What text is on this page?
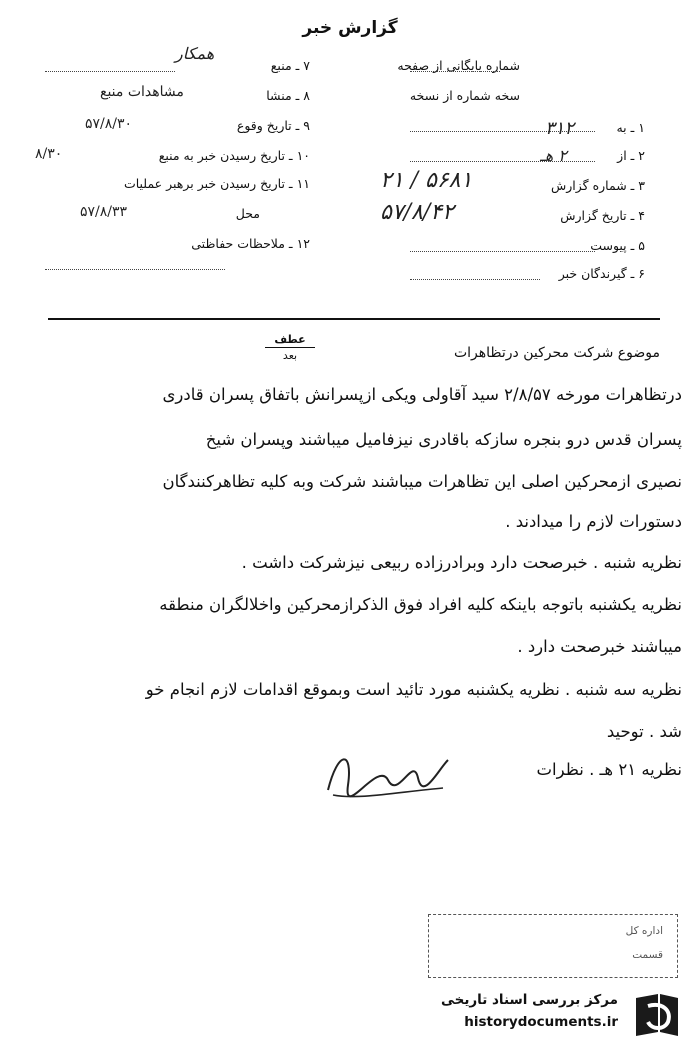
گزارش خبر
شماره بایگانی از صفحه
سخه شماره از نسخه
۱ ـ به
۲ ـ از
۳ ـ شماره گزارش
۴ ـ تاریخ گزارش
۵ ـ پیوست
۶ ـ گیرندگان خبر
۳۱۲
۲ هـ
۵۶۸۱ / ۲۱
۵۷/۸/۴۲
۷ ـ منبع
۸ ـ منشا
۹ ـ تاریخ وقوع
۱۰ ـ تاریخ رسیدن خبر به منبع
۱۱ ـ تاریخ رسیدن خبر برهبر عملیات
محل
۱۲ ـ ملاحظات حفاظتی
همکار
مشاهدات منبع
۵۷/۸/۳۰
۸/۳۰
۵۷/۸/۳۳
عطف
بعد	موضوع شرکت محرکین درتظاهرات
درتظاهرات مورخه ۲/۸/۵۷ سید آقاولی ویکی ازپسرانش باتفاق پسران قادری
پسران قدس درو بنجره سازکه باقادری نیزفامیل میباشند وپسران شیخ
نصیری ازمحرکین اصلی این تظاهرات میباشند شرکت وبه کلیه تظاهرکنندگان
دستورات لازم را میدادند .
نظریه شنبه . خبرصحت دارد وبرادرزاده ربیعی نیزشرکت داشت .
نظریه یکشنبه باتوجه باینکه کلیه افراد فوق الذکرازمحرکین واخلالگران منطقه
میباشند خبرصحت دارد .
نظریه سه شنبه . نظریه یکشنبه مورد تائید است وبموقع اقدامات لازم انجام خو
شد . توحید
نظریه ۲۱ هـ . نظرات
اداره کل
قسمت
مرکز بررسی اسناد تاریخی
historydocuments.ir
